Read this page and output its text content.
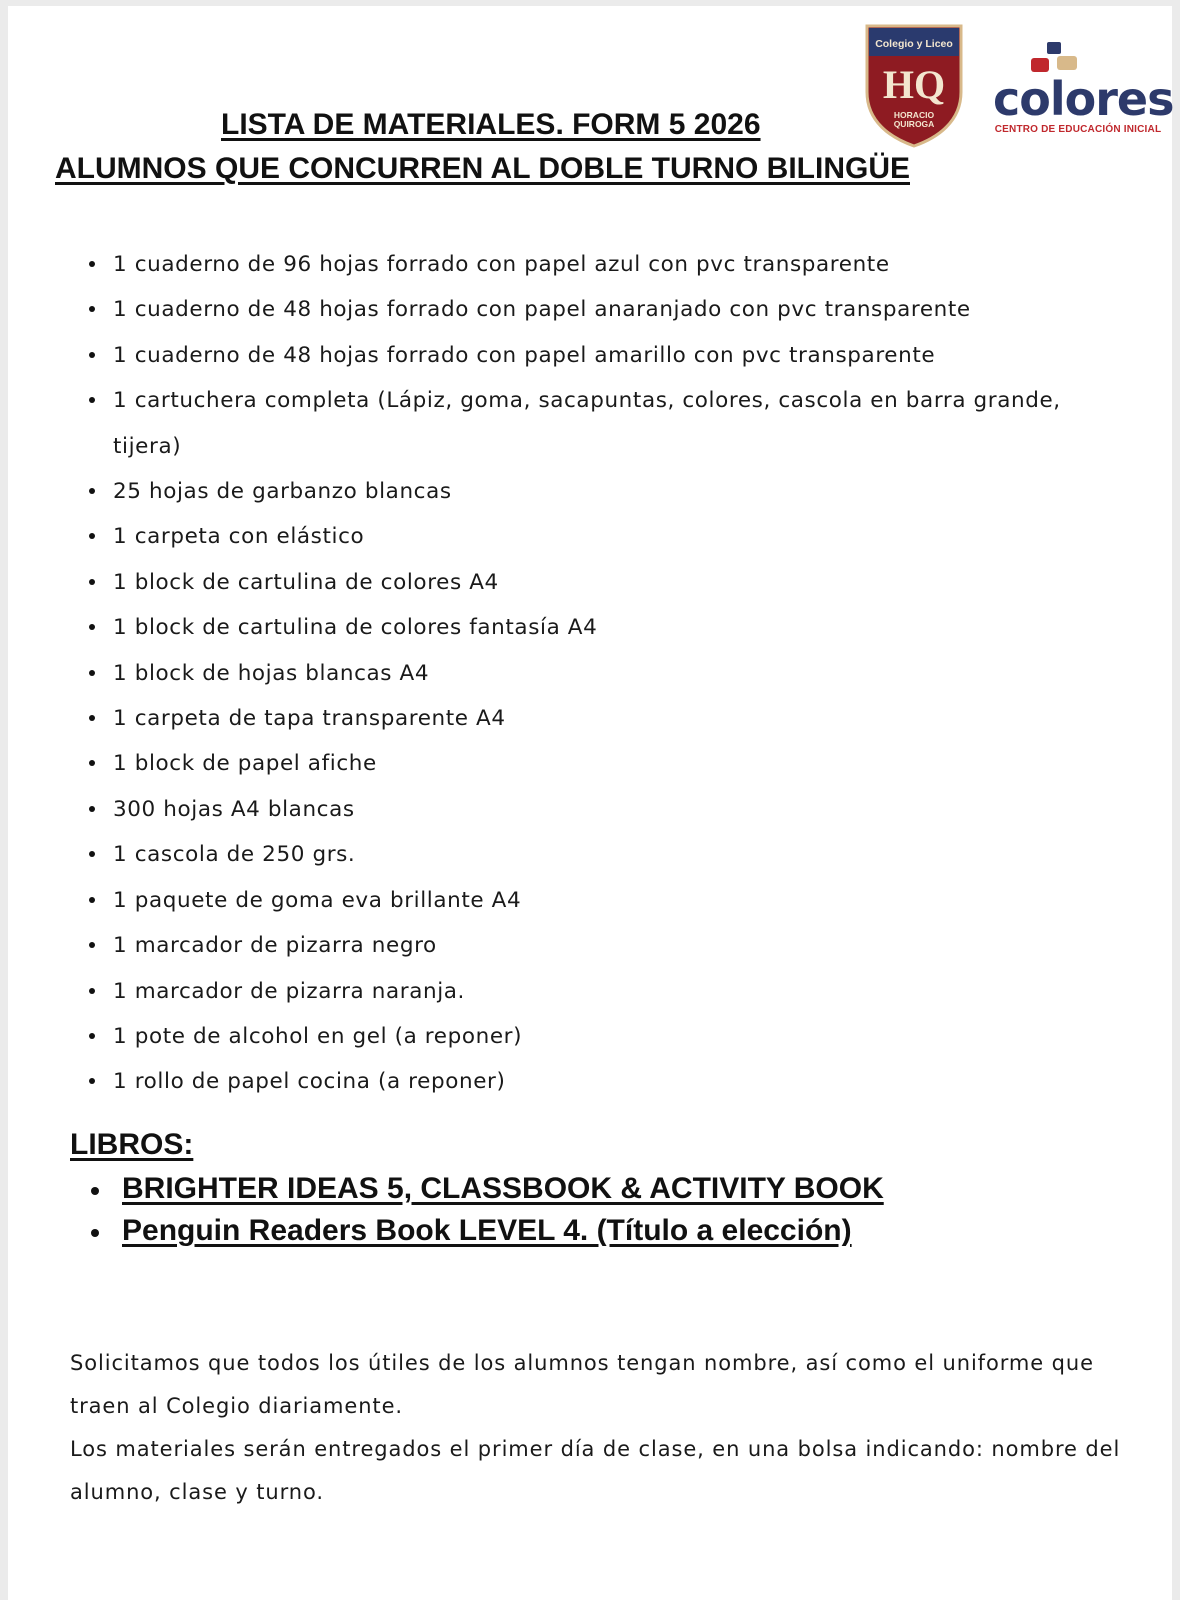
Colegio y Liceo
HQ
HORACIO
QUIROGA colores
CENTRO DE EDUCACIÓN INICIAL
LISTA DE MATERIALES. FORM 5 2026
ALUMNOS QUE CONCURREN AL DOBLE TURNO BILINGÜE
1 cuaderno de 96 hojas forrado con papel azul con pvc transparente
1 cuaderno de 48 hojas forrado con papel anaranjado con pvc transparente
1 cuaderno de 48 hojas forrado con papel amarillo con pvc transparente
1 cartuchera completa (Lápiz, goma, sacapuntas, colores, cascola en barra grande, tijera)
25 hojas de garbanzo blancas
1 carpeta con elástico
1 block de cartulina de colores A4
1 block de cartulina de colores fantasía A4
1 block de hojas blancas A4
1 carpeta de tapa transparente A4
1 block de papel afiche
300 hojas A4 blancas
1 cascola de 250 grs.
1 paquete de goma eva brillante A4
1 marcador de pizarra negro
1 marcador de pizarra naranja.
1 pote de alcohol en gel (a reponer)
1 rollo de papel cocina (a reponer)
LIBROS:
BRIGHTER IDEAS 5, CLASSBOOK & ACTIVITY BOOK
Penguin Readers Book LEVEL 4. (Título a elección)

Solicitamos que todos los útiles de los alumnos tengan nombre, así como el uniforme que traen al Colegio diariamente.

Los materiales serán entregados el primer día de clase, en una bolsa indicando: nombre del alumno, clase y turno.
